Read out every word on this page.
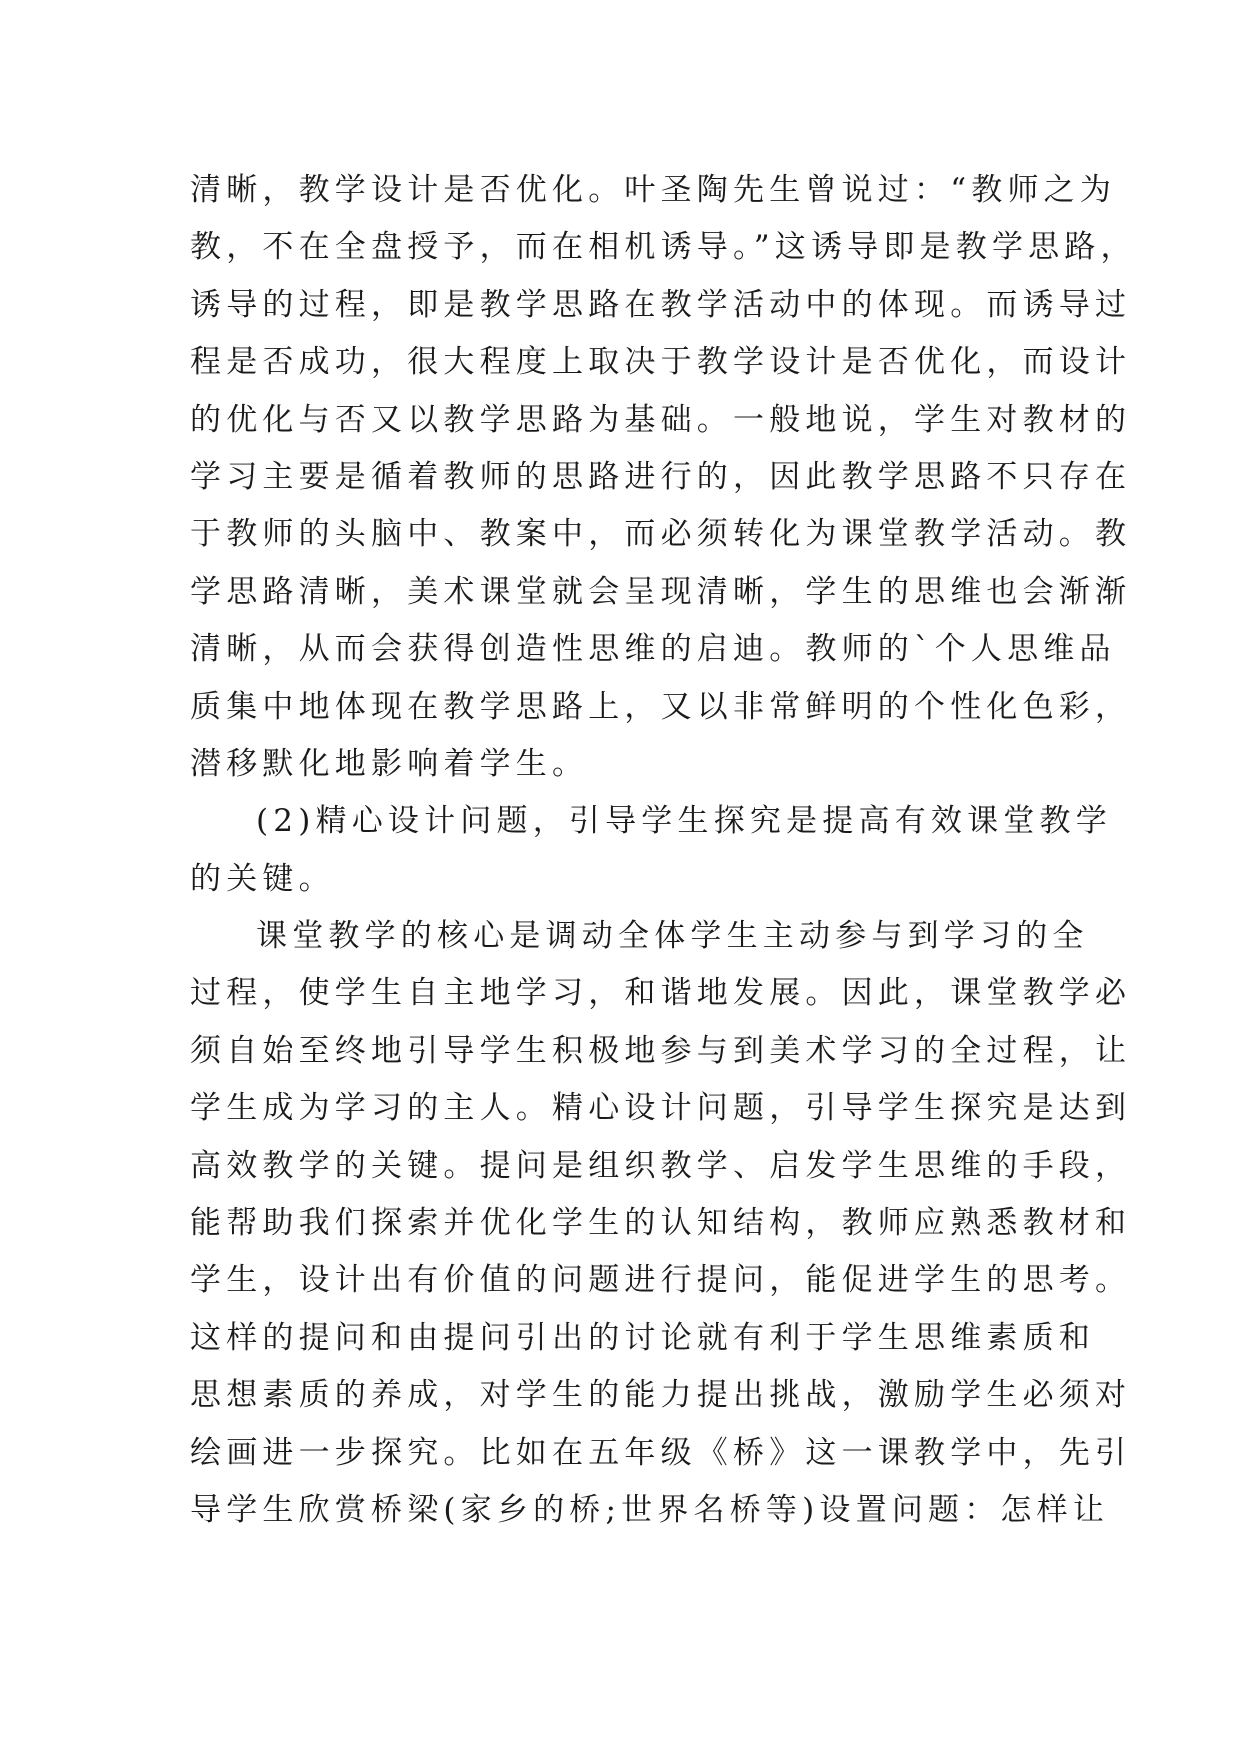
清晰，教学设计是否优化。叶圣陶先生曾说过：“教师之为
教，不在全盘授予，而在相机诱导。”这诱导即是教学思路，
诱导的过程，即是教学思路在教学活动中的体现。而诱导过
程是否成功，很大程度上取决于教学设计是否优化，而设计
的优化与否又以教学思路为基础。一般地说，学生对教材的
学习主要是循着教师的思路进行的，因此教学思路不只存在
于教师的头脑中、教案中，而必须转化为课堂教学活动。教
学思路清晰，美术课堂就会呈现清晰，学生的思维也会渐渐
清晰，从而会获得创造性思维的启迪。教师的`个人思维品
质集中地体现在教学思路上，又以非常鲜明的个性化色彩，
潜移默化地影响着学生。
(2)精心设计问题，引导学生探究是提高有效课堂教学
的关键。
课堂教学的核心是调动全体学生主动参与到学习的全
过程，使学生自主地学习，和谐地发展。因此，课堂教学必
须自始至终地引导学生积极地参与到美术学习的全过程，让
学生成为学习的主人。精心设计问题，引导学生探究是达到
高效教学的关键。提问是组织教学、启发学生思维的手段，
能帮助我们探索并优化学生的认知结构，教师应熟悉教材和
学生，设计出有价值的问题进行提问，能促进学生的思考。
这样的提问和由提问引出的讨论就有利于学生思维素质和
思想素质的养成，对学生的能力提出挑战，激励学生必须对
绘画进一步探究。比如在五年级《桥》这一课教学中，先引
导学生欣赏桥梁(家乡的桥;世界名桥等)设置问题：怎样让
